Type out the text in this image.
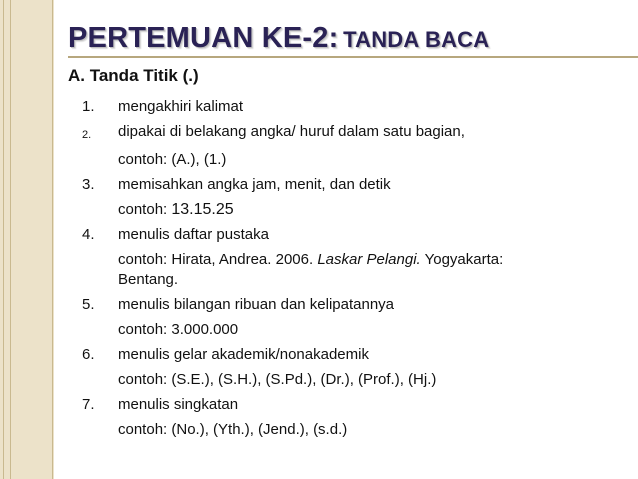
PERTEMUAN KE-2: TANDA BACA
A. Tanda Titik (.)
1.	mengakhiri kalimat
2.	dipakai di belakang angka/ huruf dalam satu bagian,
contoh: (A.), (1.)
3.	memisahkan angka jam, menit, dan detik
contoh: 13.15.25
4.	menulis daftar pustaka
contoh: Hirata, Andrea. 2006. Laskar Pelangi. Yogyakarta:
Bentang.
5.	menulis bilangan ribuan dan kelipatannya
contoh: 3.000.000
6.	menulis gelar akademik/nonakademik
contoh: (S.E.), (S.H.), (S.Pd.), (Dr.), (Prof.), (Hj.)
7.	menulis singkatan
contoh: (No.), (Yth.), (Jend.), (s.d.)
